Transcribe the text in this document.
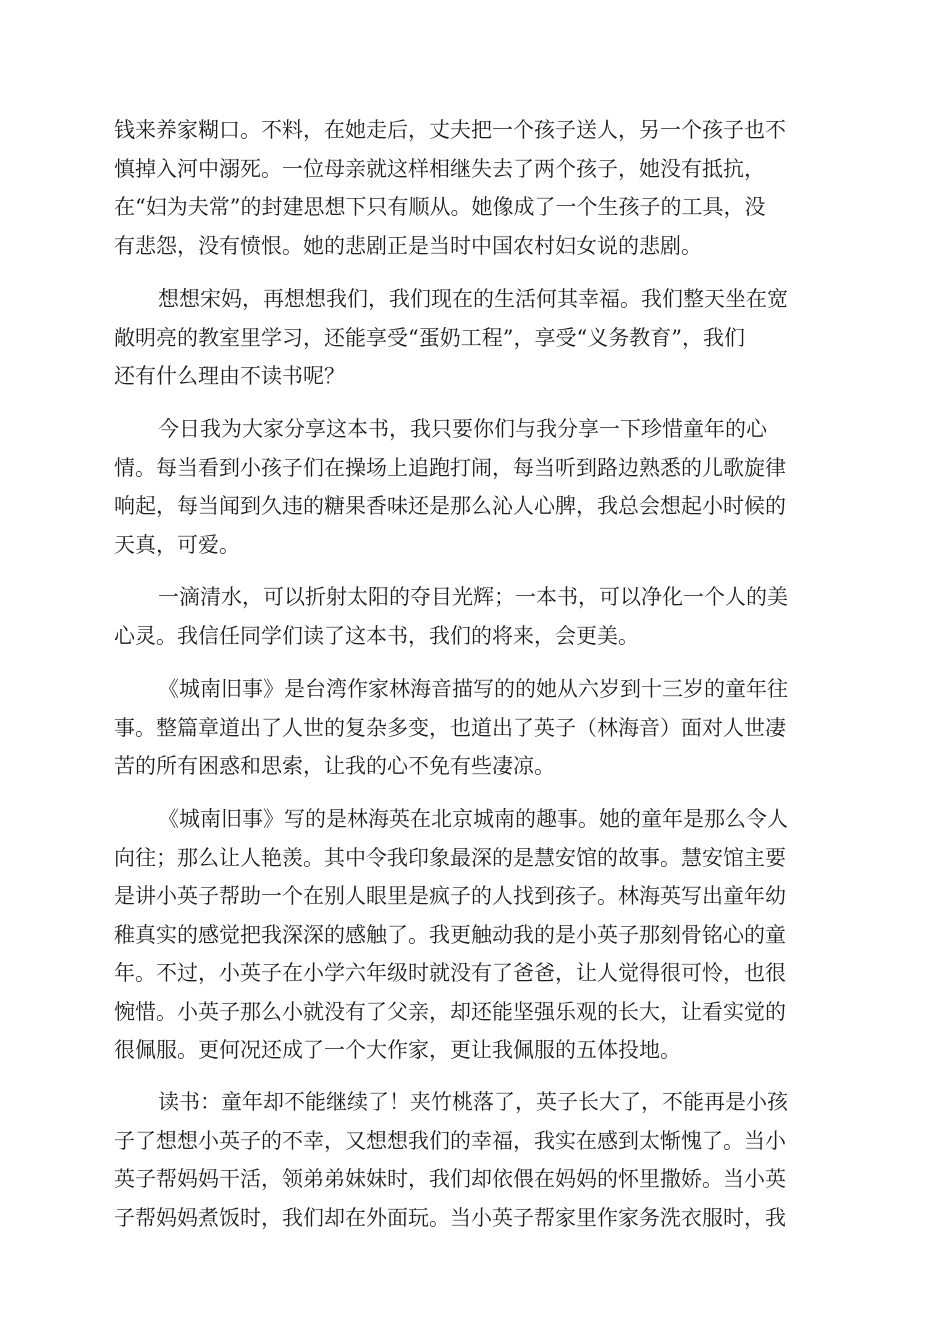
钱来养家糊口。不料，在她走后，丈夫把一个孩子送人，另一个孩子也不
慎掉入河中溺死。一位母亲就这样相继失去了两个孩子，她没有抵抗，
在“妇为夫常”的封建思想下只有顺从。她像成了一个生孩子的工具，没
有悲怨，没有愤恨。她的悲剧正是当时中国农村妇女说的悲剧。
想想宋妈，再想想我们，我们现在的生活何其幸福。我们整天坐在宽
敞明亮的教室里学习，还能享受“蛋奶工程”，享受“义务教育”，我们
还有什么理由不读书呢？
今日我为大家分享这本书，我只要你们与我分享一下珍惜童年的心
情。每当看到小孩子们在操场上追跑打闹，每当听到路边熟悉的儿歌旋律
响起，每当闻到久违的糖果香味还是那么沁人心脾，我总会想起小时候的
天真，可爱。
一滴清水，可以折射太阳的夺目光辉；一本书，可以净化一个人的美
心灵。我信任同学们读了这本书，我们的将来，会更美。
《城南旧事》是台湾作家林海音描写的的她从六岁到十三岁的童年往
事。整篇章道出了人世的复杂多变，也道出了英子（林海音）面对人世凄
苦的所有困惑和思索，让我的心不免有些凄凉。
《城南旧事》写的是林海英在北京城南的趣事。她的童年是那么令人
向往；那么让人艳羡。其中令我印象最深的是慧安馆的故事。慧安馆主要
是讲小英子帮助一个在别人眼里是疯子的人找到孩子。林海英写出童年幼
稚真实的感觉把我深深的感触了。我更触动我的是小英子那刻骨铭心的童
年。不过，小英子在小学六年级时就没有了爸爸，让人觉得很可怜，也很
惋惜。小英子那么小就没有了父亲，却还能坚强乐观的长大，让看实觉的
很佩服。更何况还成了一个大作家，更让我佩服的五体投地。
读书：童年却不能继续了！夹竹桃落了，英子长大了，不能再是小孩
子了想想小英子的不幸，又想想我们的幸福，我实在感到太惭愧了。当小
英子帮妈妈干活，领弟弟妹妹时，我们却依偎在妈妈的怀里撒娇。当小英
子帮妈妈煮饭时，我们却在外面玩。当小英子帮家里作家务洗衣服时，我
